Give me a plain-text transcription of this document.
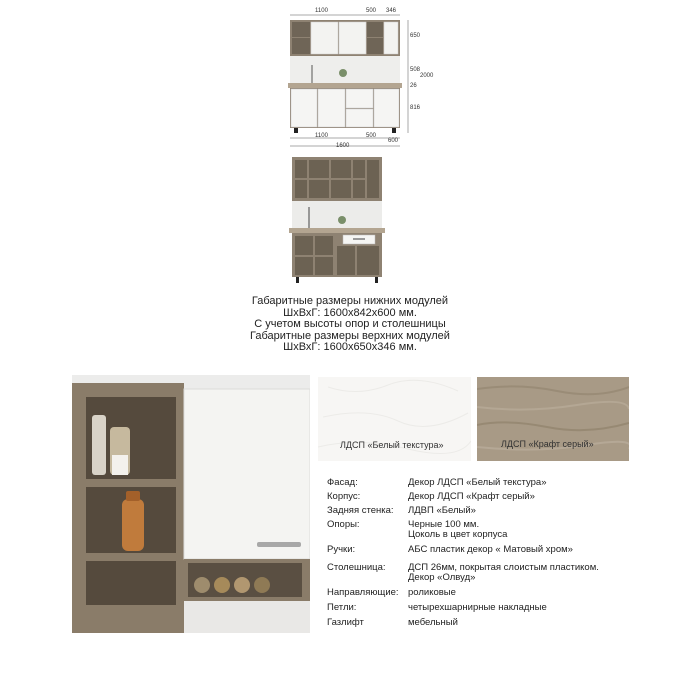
1100	500 346
650
508
26
816
2000
1100	500
1600
600
Габаритные размеры нижних модулей
ШхВхГ: 1600х842х600 мм.
С учетом высоты опор и столешницы
Габаритные размеры верхних модулей
ШхВхГ: 1600х650х346 мм.
ЛДСП «Белый текстура»	ЛДСП «Крафт серый»
Фасад:	Декор ЛДСП «Белый текстура»
Корпус:	Декор ЛДСП «Крафт серый»
Задняя стенка: ЛДВП «Белый»
Опоры:	Черные 100 мм.
Цоколь в цвет корпуса
Ручки:	АБС пластик декор « Матовый хром»
Столешница: ДСП 26мм, покрытая слоистым пластиком.
Декор «Олвуд»
Направляющие: роликовые
Петли:	четырехшарнирные накладные
Газлифт	мебельный
